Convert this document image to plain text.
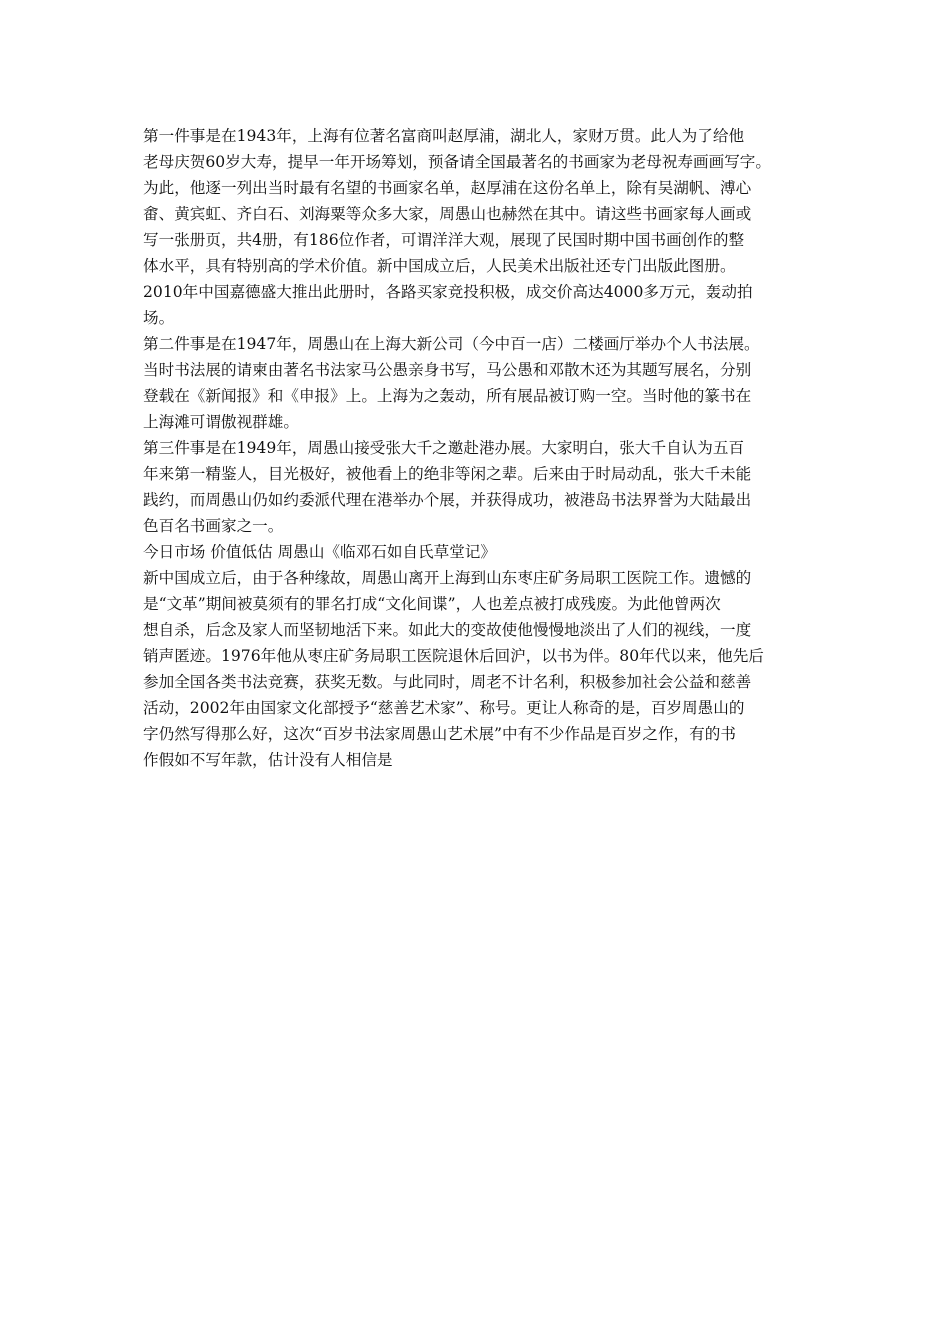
第一件事是在1943年，上海有位著名富商叫赵厚浦，湖北人，家财万贯。此人为了给他
老母庆贺60岁大寿，提早一年开场筹划，预备请全国最著名的书画家为老母祝寿画画写字。
为此，他逐一列出当时最有名望的书画家名单，赵厚浦在这份名单上，除有吴湖帆、溥心
畬、黄宾虹、齐白石、刘海粟等众多大家，周愚山也赫然在其中。请这些书画家每人画或
写一张册页，共4册，有186位作者，可谓洋洋大观，展现了民国时期中国书画创作的整
体水平，具有特别高的学术价值。新中国成立后，人民美术出版社还专门出版此图册。
2010年中国嘉德盛大推出此册时，各路买家竞投积极，成交价高达4000多万元，轰动拍
场。
第二件事是在1947年，周愚山在上海大新公司（今中百一店）二楼画厅举办个人书法展。
当时书法展的请柬由著名书法家马公愚亲身书写，马公愚和邓散木还为其题写展名，分别
登载在《新闻报》和《申报》上。上海为之轰动，所有展品被订购一空。当时他的篆书在
上海滩可谓傲视群雄。
第三件事是在1949年，周愚山接受张大千之邀赴港办展。大家明白，张大千自认为五百
年来第一精鉴人，目光极好，被他看上的绝非等闲之辈。后来由于时局动乱，张大千未能
践约，而周愚山仍如约委派代理在港举办个展，并获得成功，被港岛书法界誉为大陆最出
色百名书画家之一。
今日市场 价值低估 周愚山《临邓石如自氏草堂记》
新中国成立后，由于各种缘故，周愚山离开上海到山东枣庄矿务局职工医院工作。遗憾的
是“文革”期间被莫须有的罪名打成“文化间谍”，人也差点被打成残废。为此他曾两次
想自杀，后念及家人而坚韧地活下来。如此大的变故使他慢慢地淡出了人们的视线，一度
销声匿迹。1976年他从枣庄矿务局职工医院退休后回沪，以书为伴。80年代以来，他先后
参加全国各类书法竞赛，获奖无数。与此同时，周老不计名利，积极参加社会公益和慈善
活动，2002年由国家文化部授予“慈善艺术家”、称号。更让人称奇的是，百岁周愚山的
字仍然写得那么好，这次“百岁书法家周愚山艺术展”中有不少作品是百岁之作，有的书
作假如不写年款，估计没有人相信是
